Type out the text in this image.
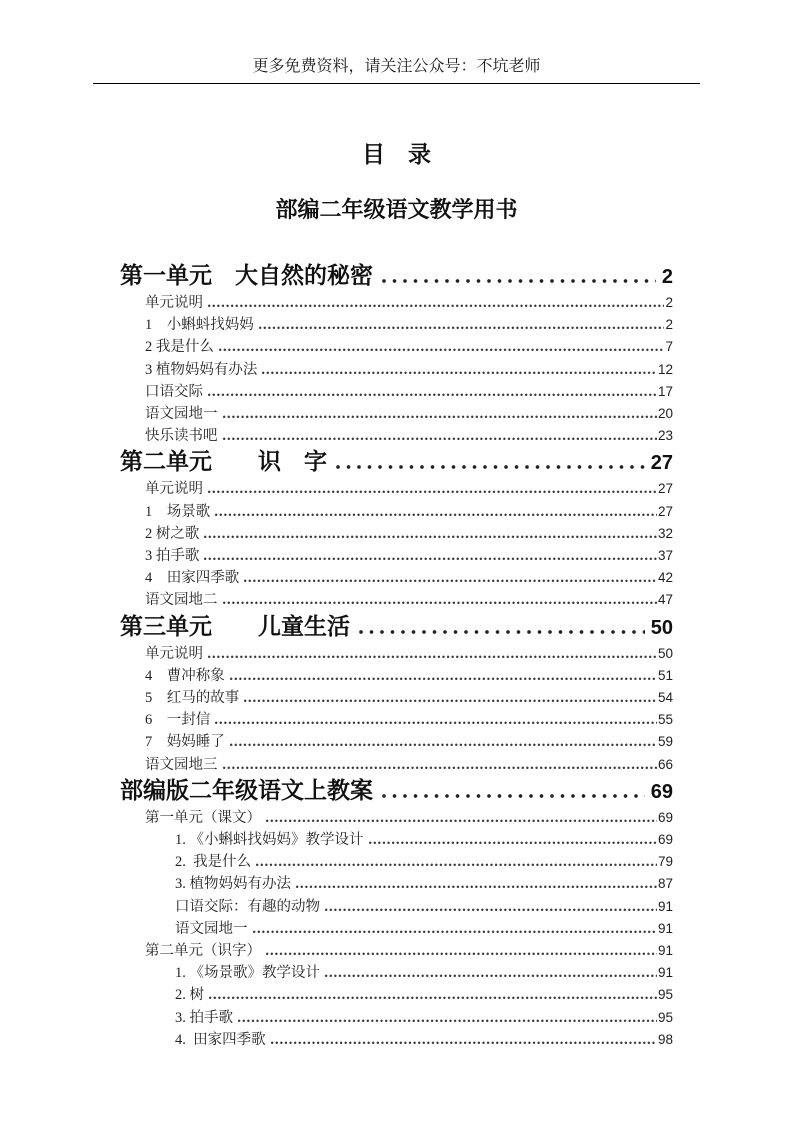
更多免费资料，请关注公众号：不坑老师
目　录
部编二年级语文教学用书
第一单元　大自然的秘密	2
单元说明	2
1　小蝌蚪找妈妈	2
2 我是什么	7
3 植物妈妈有办法	12
口语交际	17
语文园地一	20
快乐读书吧	23
第二单元　　识　字	27
单元说明	27
1　场景歌	27
2 树之歌	32
3 拍手歌	37
4　田家四季歌	42
语文园地二	47
第三单元　　儿童生活	50
单元说明	50
4　曹冲称象	51
5　红马的故事	54
6　一封信	55
7　妈妈睡了	59
语文园地三	66
部编版二年级语文上教案	69
第一单元（课文）	69
1. 《小蝌蚪找妈妈》教学设计	69
2.  我是什么	79
3. 植物妈妈有办法	87
口语交际：有趣的动物	91
语文园地一	91
第二单元（识字）	91
1. 《场景歌》教学设计	91
2. 树	95
3. 拍手歌	95
4.  田家四季歌	98
